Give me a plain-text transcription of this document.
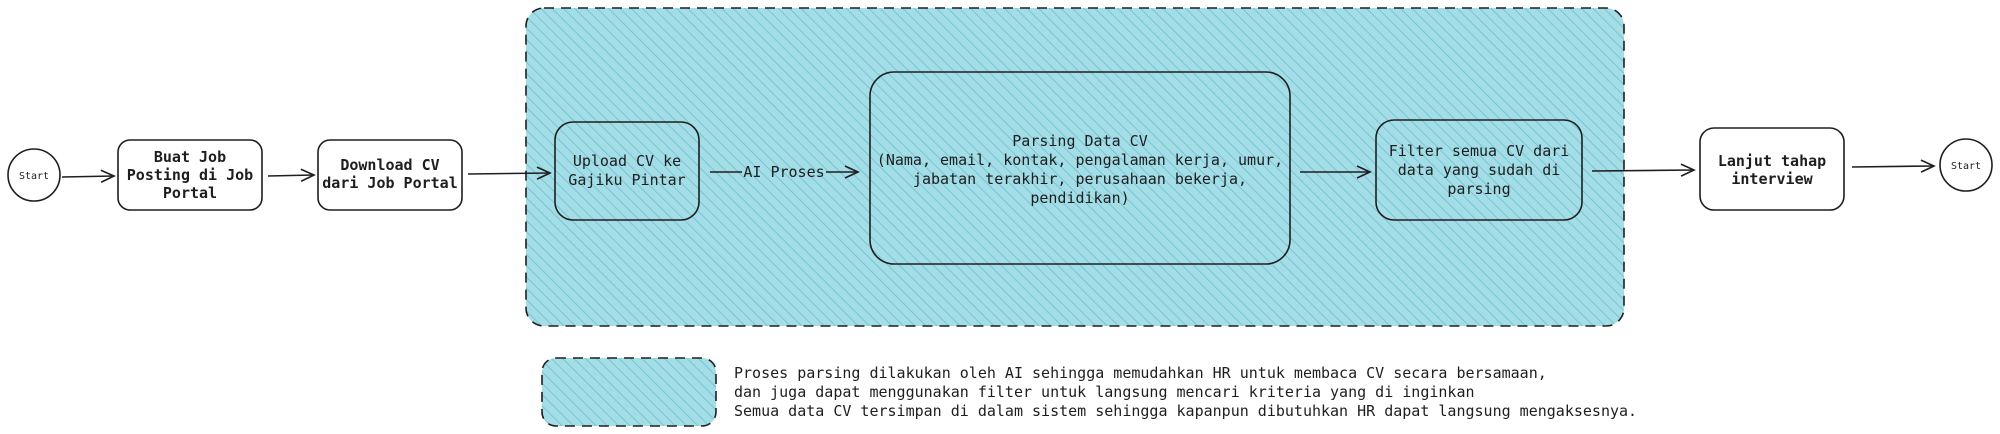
Start
Buat Job
Posting di Job
Portal
Download CV
dari Job Portal
Upload CV ke
Gajiku Pintar
Parsing Data CV
(Nama, email, kontak, pengalaman kerja, umur,
jabatan terakhir, perusahaan bekerja,
pendidikan)
Filter semua CV dari
data yang sudah di
parsing
Lanjut tahap
interview
Start
AI Proses
Proses parsing dilakukan oleh AI sehingga memudahkan HR untuk membaca CV secara bersamaan,
dan juga dapat menggunakan filter untuk langsung mencari kriteria yang di inginkan
Semua data CV tersimpan di dalam sistem sehingga kapanpun dibutuhkan HR dapat langsung mengaksesnya.
